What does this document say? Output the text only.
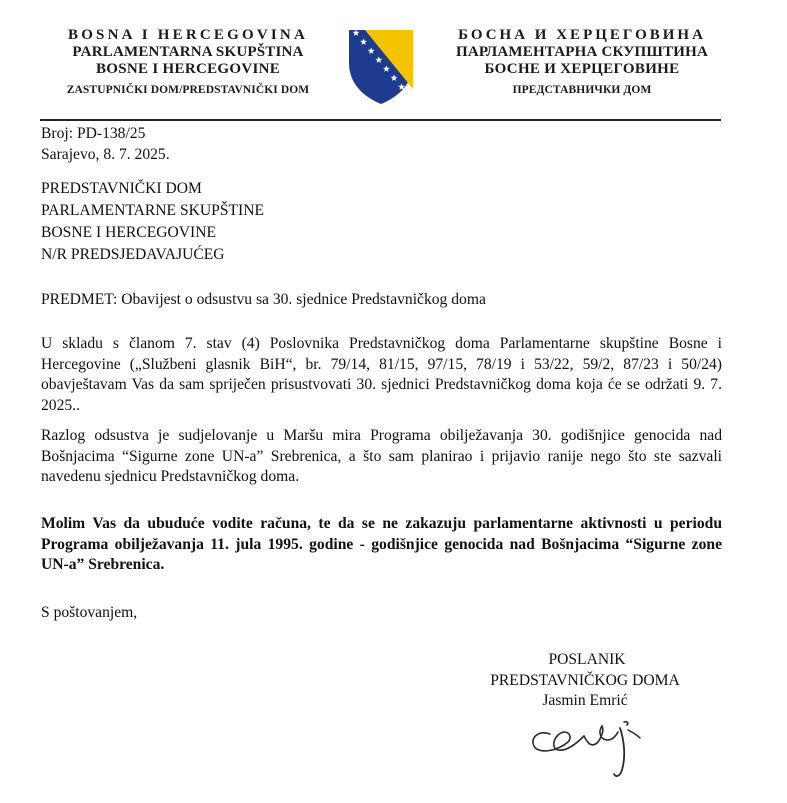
BOSNA I HERCEGOVINA
PARLAMENTARNA SKUPŠTINA
BOSNE I HERCEGOVINE
ZASTUPNIČKI DOM/PREDSTAVNIČKI DOM
БОСНА И ХЕРЦЕГОВИНА
ПАРЛАМЕНТАРНА СКУПШТИНА
БОСНЕ И ХЕРЦЕГОВИНЕ
ПРЕДСТАВНИЧКИ ДОМ
Broj: PD-138/25
Sarajevo, 8. 7. 2025.
PREDSTAVNIČKI DOM
PARLAMENTARNE SKUPŠTINE
BOSNE I HERCEGOVINE
N/R PREDSJEDAVAJUĆEG
PREDMET: Obavijest o odsustvu sa 30. sjednice Predstavničkog doma
U skladu s članom 7. stav (4) Poslovnika Predstavničkog doma Parlamentarne skupštine Bosne i Hercegovine („Službeni glasnik BiH“, br. 79/14, 81/15, 97/15, 78/19 i 53/22, 59/2, 87/23 i 50/24) obavještavam Vas da sam spriječen prisustvovati 30. sjednici Predstavničkog doma koja će se održati 9. 7. 2025..
Razlog odsustva je sudjelovanje u Maršu mira Programa obilježavanja 30. godišnjice genocida nad Bošnjacima “Sigurne zone UN-a” Srebrenica, a što sam planirao i prijavio ranije nego što ste sazvali navedenu sjednicu Predstavničkog doma.
Molim Vas da ubuduće vodite računa, te da se ne zakazuju parlamentarne aktivnosti u periodu Programa obilježavanja 11. jula 1995. godine - godišnjice genocida nad Bošnjacima “Sigurne zone UN-a” Srebrenica.
S poštovanjem,
POSLANIK
PREDSTAVNIČKOG DOMA
Jasmin Emrić
